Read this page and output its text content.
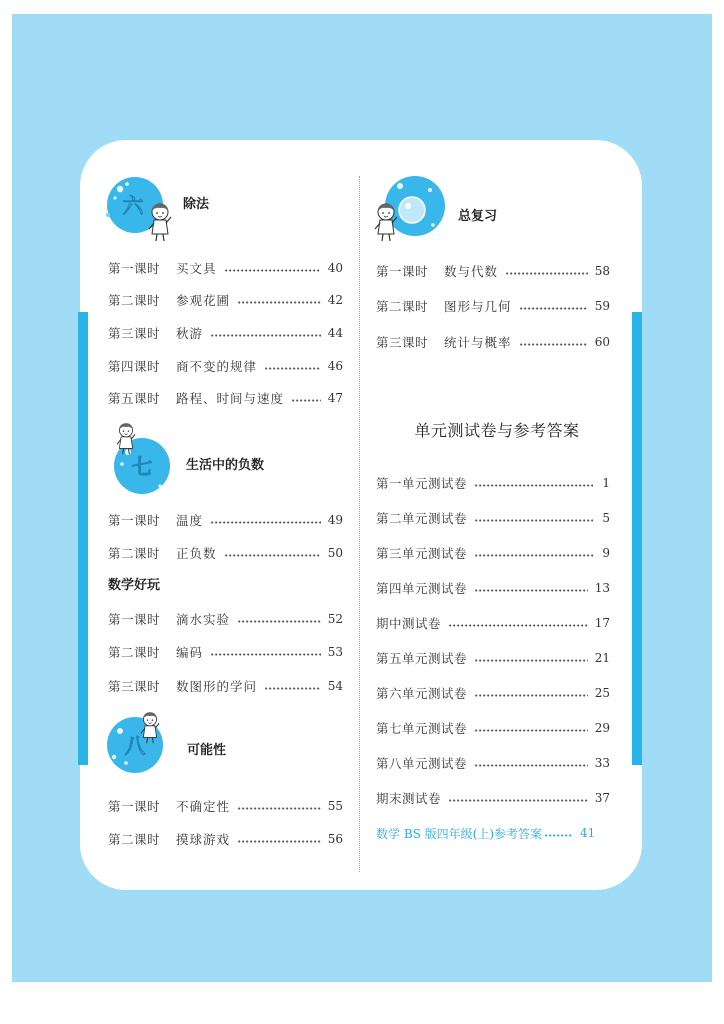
六	除法
第一课时	买文具	40
第二课时	参观花圃	42
第三课时	秋游	44
第四课时	商不变的规律	46
第五课时	路程、时间与速度	47
七	生活中的负数
第一课时	温度	49
第二课时	正负数	50
数学好玩
第一课时	滴水实验	52
第二课时	编码	53
第三课时	数图形的学问	54
八	可能性
第一课时	不确定性	55
第二课时	摸球游戏	56
总复习
第一课时	数与代数	58
第二课时	图形与几何	59
第三课时	统计与概率	60
单元测试卷与参考答案
第一单元测试卷	1
第二单元测试卷	5
第三单元测试卷	9
第四单元测试卷	13
期中测试卷	17
第五单元测试卷	21
第六单元测试卷	25
第七单元测试卷	29
第八单元测试卷	33
期末测试卷	37
数学 BS 版四年级(上)参考答案	41
